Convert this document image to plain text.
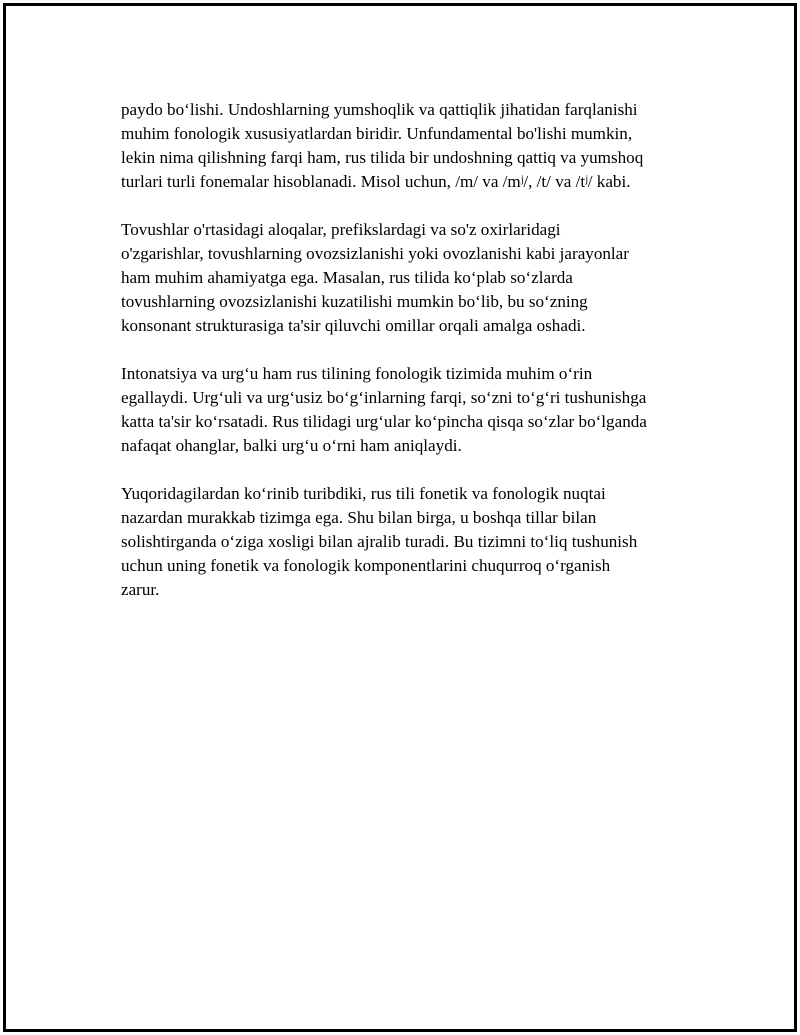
paydo boʻlishi. Undoshlarning yumshoqlik va qattiqlik jihatidan farqlanishi
muhim fonologik xususiyatlardan biridir. Unfundamental bo'lishi mumkin,
lekin nima qilishning farqi ham, rus tilida bir undoshning qattiq va yumshoq
turlari turli fonemalar hisoblanadi. Misol uchun, /m/ va /mʲ/, /t/ va /tʲ/ kabi.

Tovushlar o'rtasidagi aloqalar, prefikslardagi va so'z oxirlaridagi
o'zgarishlar, tovushlarning ovozsizlanishi yoki ovozlanishi kabi jarayonlar
ham muhim ahamiyatga ega. Masalan, rus tilida koʻplab soʻzlarda
tovushlarning ovozsizlanishi kuzatilishi mumkin boʻlib, bu soʻzning
konsonant strukturasiga ta'sir qiluvchi omillar orqali amalga oshadi.

Intonatsiya va urgʻu ham rus tilining fonologik tizimida muhim oʻrin
egallaydi. Urgʻuli va urgʻusiz boʻgʻinlarning farqi, soʻzni toʻgʻri tushunishga
katta ta'sir koʻrsatadi. Rus tilidagi urgʻular koʻpincha qisqa soʻzlar boʻlganda
nafaqat ohanglar, balki urgʻu oʻrni ham aniqlaydi.

Yuqoridagilardan koʻrinib turibdiki, rus tili fonetik va fonologik nuqtai
nazardan murakkab tizimga ega. Shu bilan birga, u boshqa tillar bilan
solishtirganda oʻziga xosligi bilan ajralib turadi. Bu tizimni toʻliq tushunish
uchun uning fonetik va fonologik komponentlarini chuqurroq oʻrganish
zarur.
